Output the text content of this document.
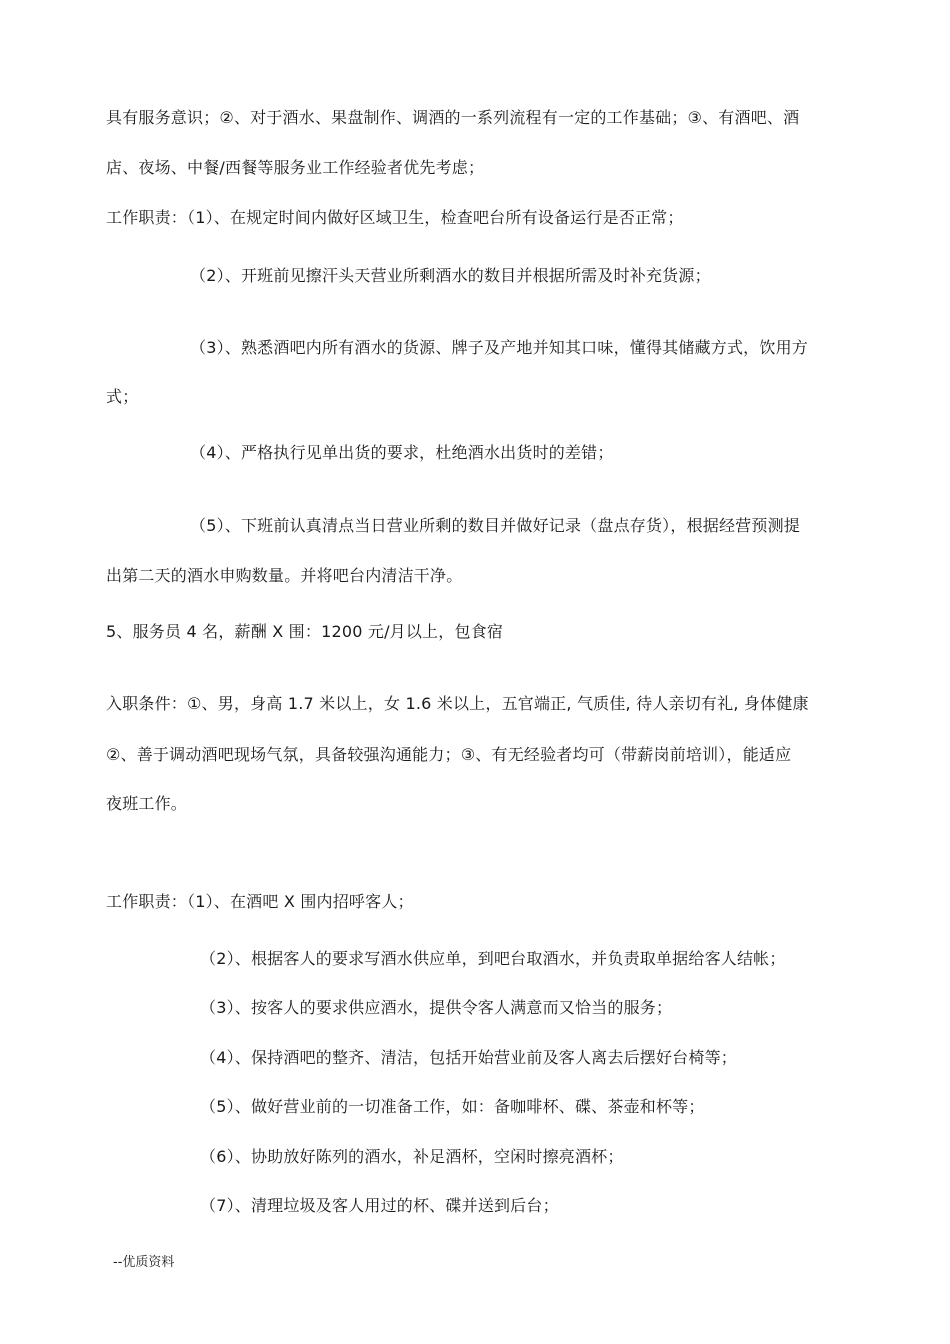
具有服务意识；②、对于酒水、果盘制作、调酒的一系列流程有一定的工作基础；③、有酒吧、酒
店、夜场、中餐/西餐等服务业工作经验者优先考虑；
工作职责：（1）、在规定时间内做好区域卫生，检查吧台所有设备运行是否正常；
（2）、开班前见擦汗头天营业所剩酒水的数目并根据所需及时补充货源；
（3）、熟悉酒吧内所有酒水的货源、牌子及产地并知其口味，懂得其储藏方式，饮用方
式；
（4）、严格执行见单出货的要求，杜绝酒水出货时的差错；
（5）、下班前认真清点当日营业所剩的数目并做好记录（盘点存货），根据经营预测提
出第二天的酒水申购数量。并将吧台内清洁干净。
5、服务员 4 名，薪酬 X 围：1200 元/月以上，包食宿
入职条件：①、男，身高 1.7 米以上，女 1.6 米以上，五官端正, 气质佳, 待人亲切有礼, 身体健康
②、善于调动酒吧现场气氛，具备较强沟通能力；③、有无经验者均可（带薪岗前培训），能适应
夜班工作。
工作职责：（1）、在酒吧 X 围内招呼客人；
（2）、根据客人的要求写酒水供应单，到吧台取酒水，并负责取单据给客人结帐；
（3）、按客人的要求供应酒水，提供令客人满意而又恰当的服务；
（4）、保持酒吧的整齐、清洁，包括开始营业前及客人离去后摆好台椅等；
（5）、做好营业前的一切准备工作，如：备咖啡杯、碟、茶壶和杯等；
（6）、协助放好陈列的酒水，补足酒杯，空闲时擦亮酒杯；
（7）、清理垃圾及客人用过的杯、碟并送到后台；
--优质资料
